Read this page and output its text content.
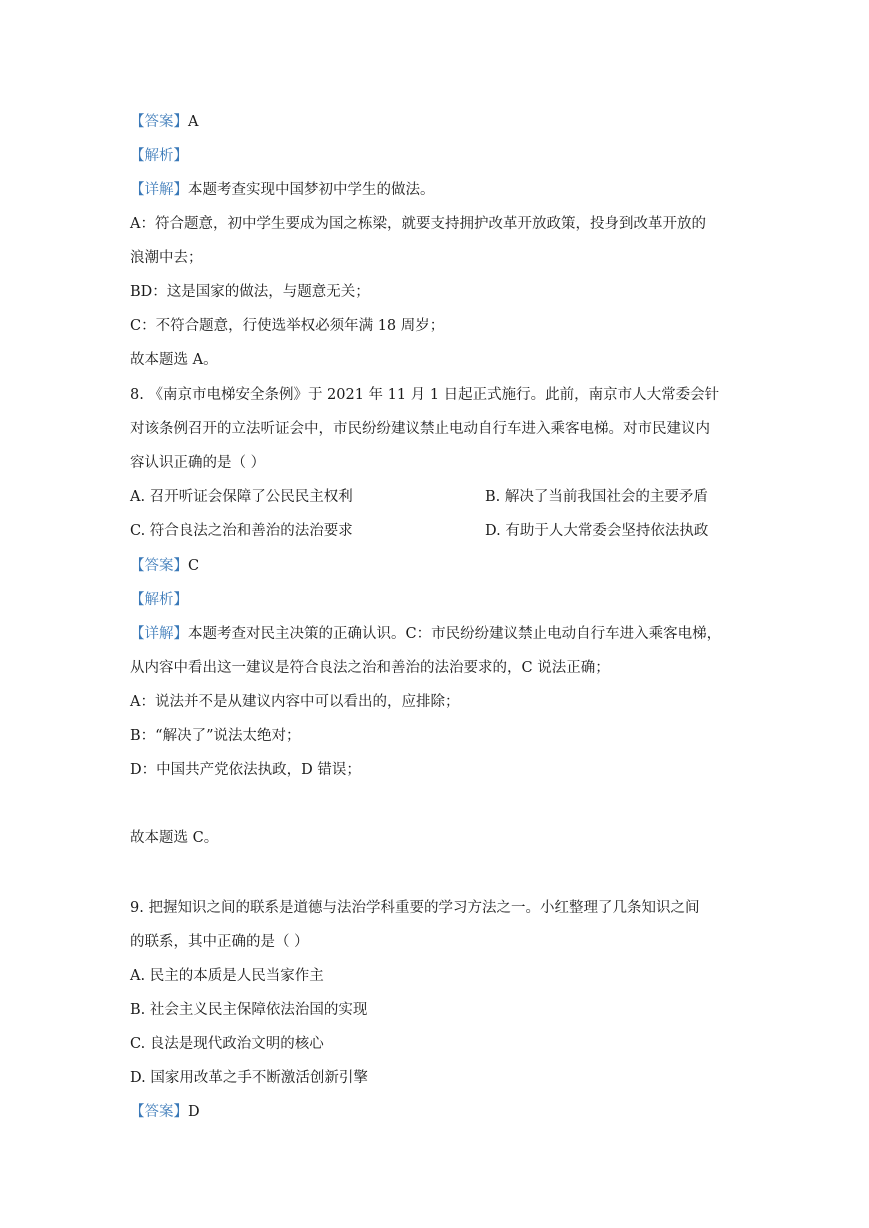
【答案】A
【解析】
【详解】本题考查实现中国梦初中学生的做法。
A：符合题意，初中学生要成为国之栋梁，就要支持拥护改革开放政策，投身到改革开放的
浪潮中去；
BD：这是国家的做法，与题意无关；
C：不符合题意，行使选举权必须年满 18 周岁；
故本题选 A。
8. 《南京市电梯安全条例》于 2021 年 11 月 1 日起正式施行。此前，南京市人大常委会针
对该条例召开的立法听证会中，市民纷纷建议禁止电动自行车进入乘客电梯。对市民建议内
容认识正确的是（ ）
A. 召开听证会保障了公民民主权利	B. 解决了当前我国社会的主要矛盾
C. 符合良法之治和善治的法治要求	D. 有助于人大常委会坚持依法执政
【答案】C
【解析】
【详解】本题考查对民主决策的正确认识。C：市民纷纷建议禁止电动自行车进入乘客电梯，
从内容中看出这一建议是符合良法之治和善治的法治要求的，C 说法正确；
A：说法并不是从建议内容中可以看出的，应排除；
B：“解决了”说法太绝对；
D：中国共产党依法执政，D 错误；
故本题选 C。
9. 把握知识之间的联系是道德与法治学科重要的学习方法之一。小红整理了几条知识之间
的联系，其中正确的是（ ）
A. 民主的本质是人民当家作主
B. 社会主义民主保障依法治国的实现
C. 良法是现代政治文明的核心
D. 国家用改革之手不断激活创新引擎
【答案】D
